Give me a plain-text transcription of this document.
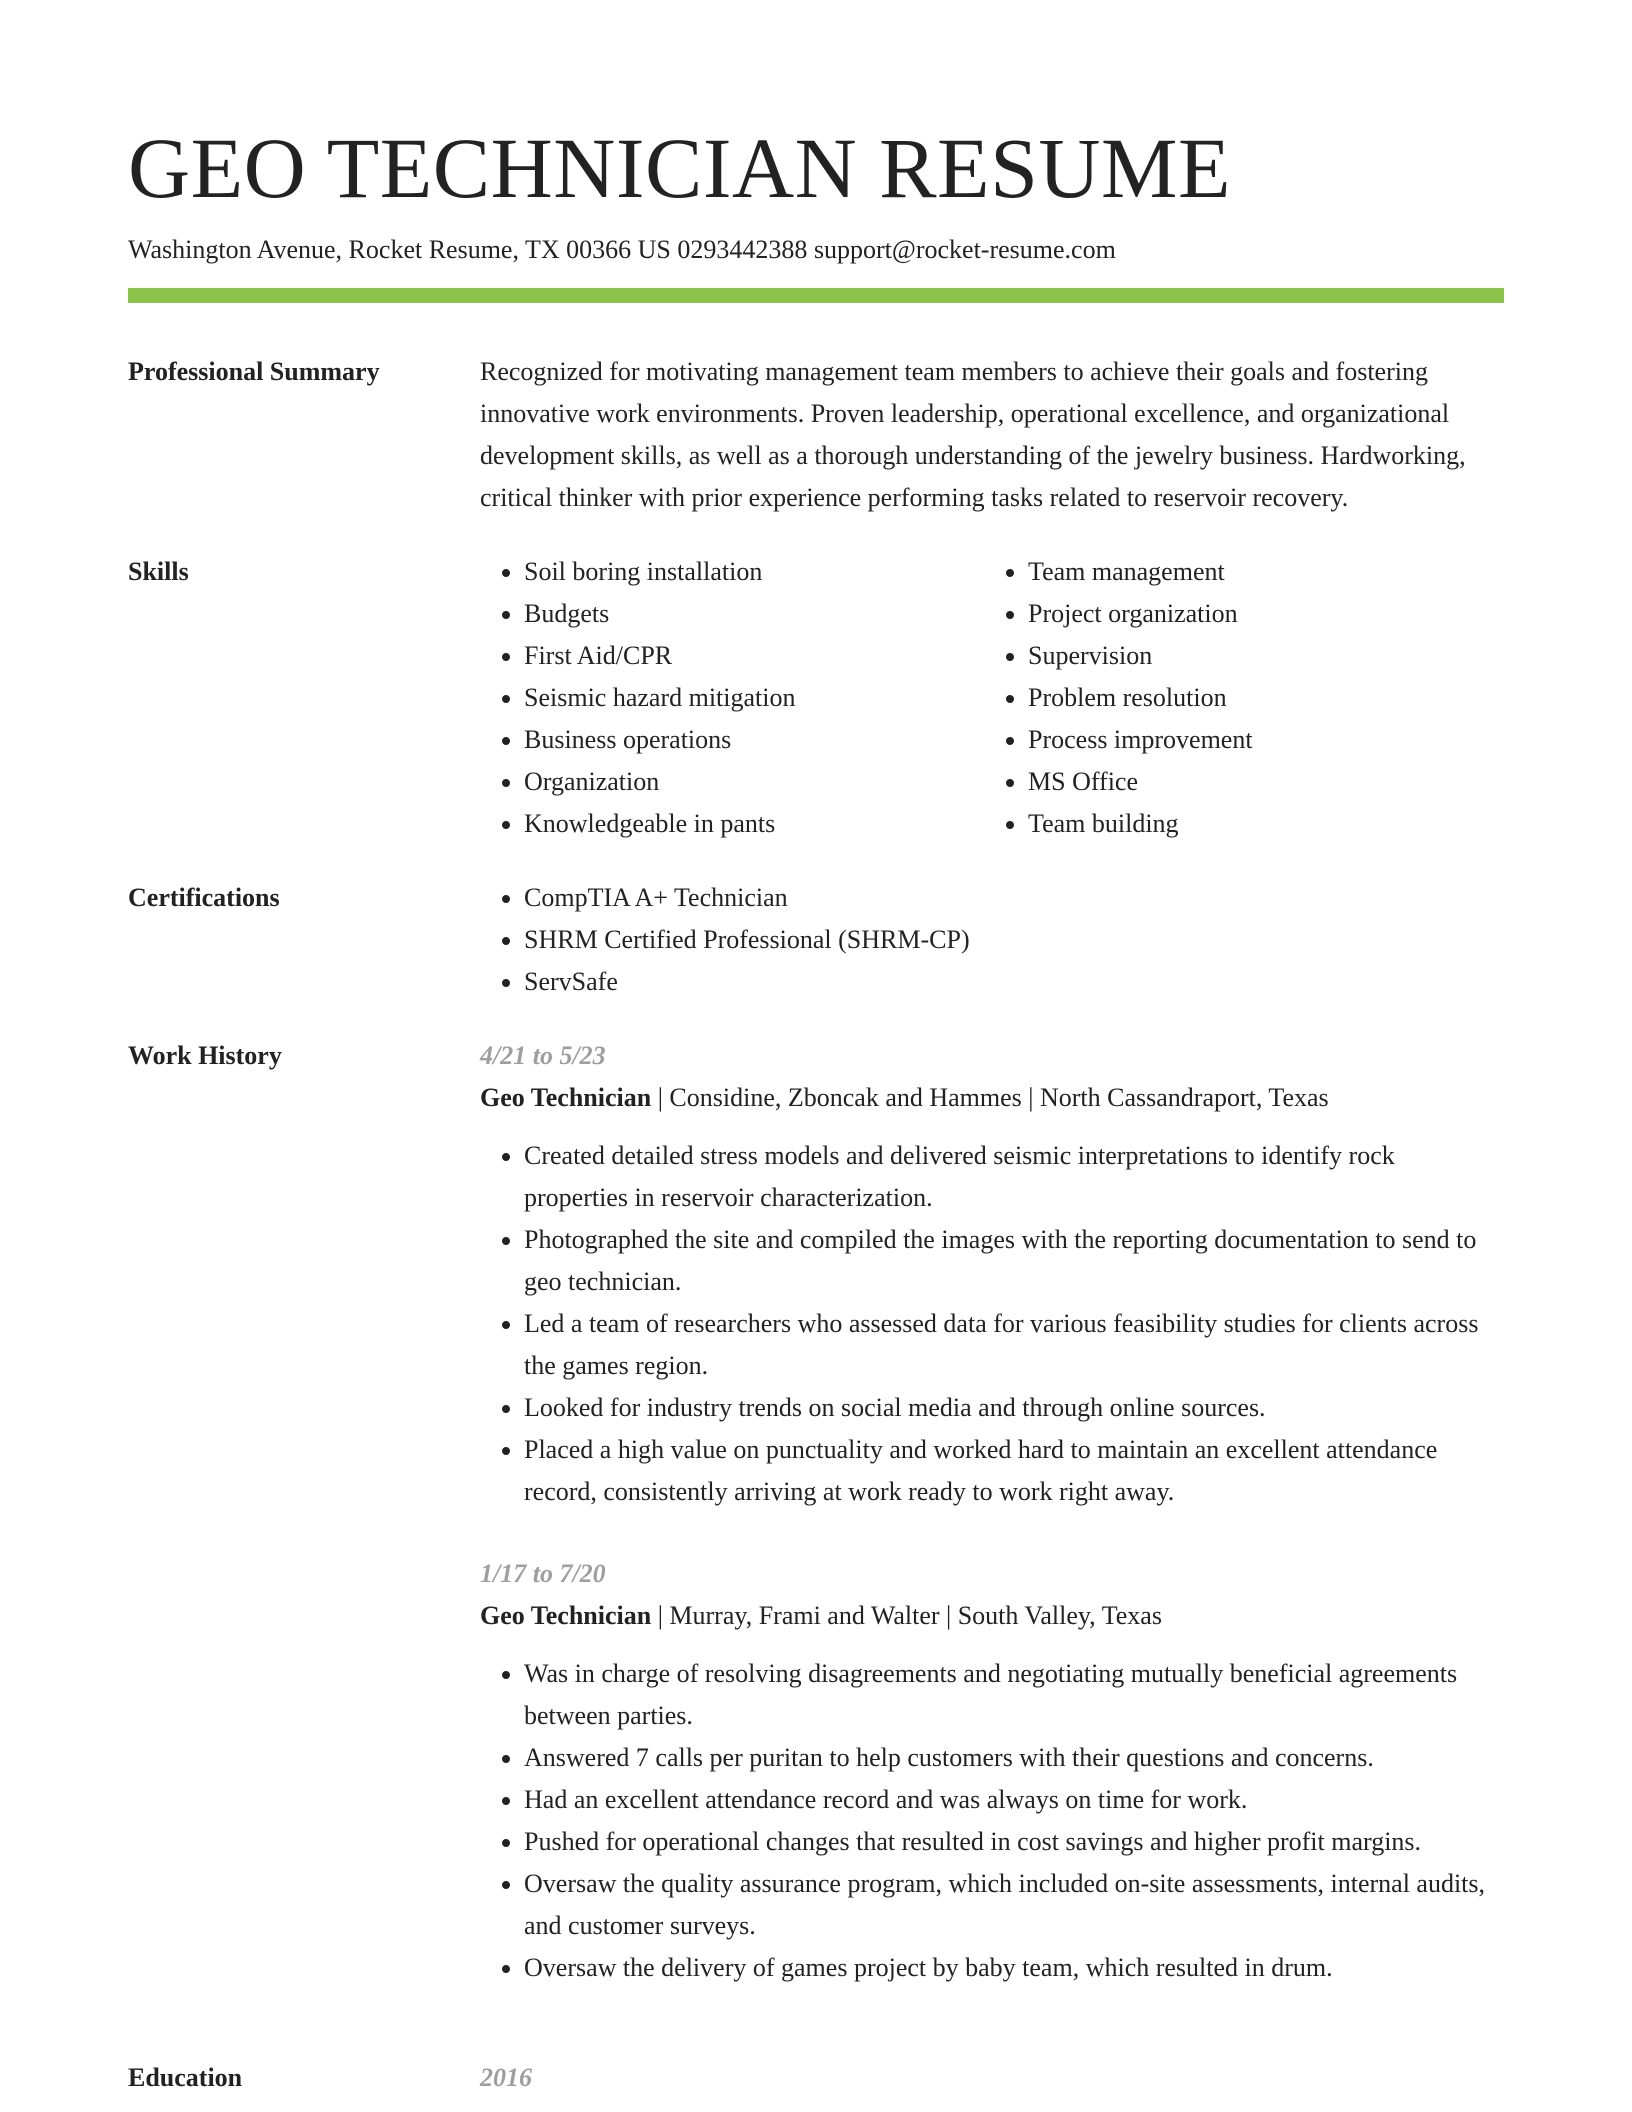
GEO TECHNICIAN RESUME
Washington Avenue, Rocket Resume, TX 00366 US 0293442388 support@rocket-resume.com
Professional Summary	Recognized for motivating management team members to achieve their goals and fostering innovative work environments. Proven leadership, operational excellence, and organizational development skills, as well as a thorough understanding of the jewelry business. Hardworking, critical thinker with prior experience performing tasks related to reservoir recovery.

Skills	• Soil boring installation
• Budgets
• First Aid/CPR
• Seismic hazard mitigation
• Business operations
• Organization
• Knowledgeable in pants
• Team management
• Project organization
• Supervision
• Problem resolution
• Process improvement
• MS Office
• Team building
Certifications	• CompTIA A+ Technician
• SHRM Certified Professional (SHRM-CP)
• ServSafe
Work History	4/21 to 5/23
Geo Technician | Considine, Zboncak and Hammes | North Cassandraport, Texas
• Created detailed stress models and delivered seismic interpretations to identify rock properties in reservoir characterization.
• Photographed the site and compiled the images with the reporting documentation to send to geo technician.
• Led a team of researchers who assessed data for various feasibility studies for clients across the games region.
• Looked for industry trends on social media and through online sources.
• Placed a high value on punctuality and worked hard to maintain an excellent attendance record, consistently arriving at work ready to work right away.
1/17 to 7/20
Geo Technician | Murray, Frami and Walter | South Valley, Texas
• Was in charge of resolving disagreements and negotiating mutually beneficial agreements between parties.
• Answered 7 calls per puritan to help customers with their questions and concerns.
• Had an excellent attendance record and was always on time for work.
• Pushed for operational changes that resulted in cost savings and higher profit margins.
• Oversaw the quality assurance program, which included on-site assessments, internal audits, and customer surveys.
• Oversaw the delivery of games project by baby team, which resulted in drum.
Education	2016
